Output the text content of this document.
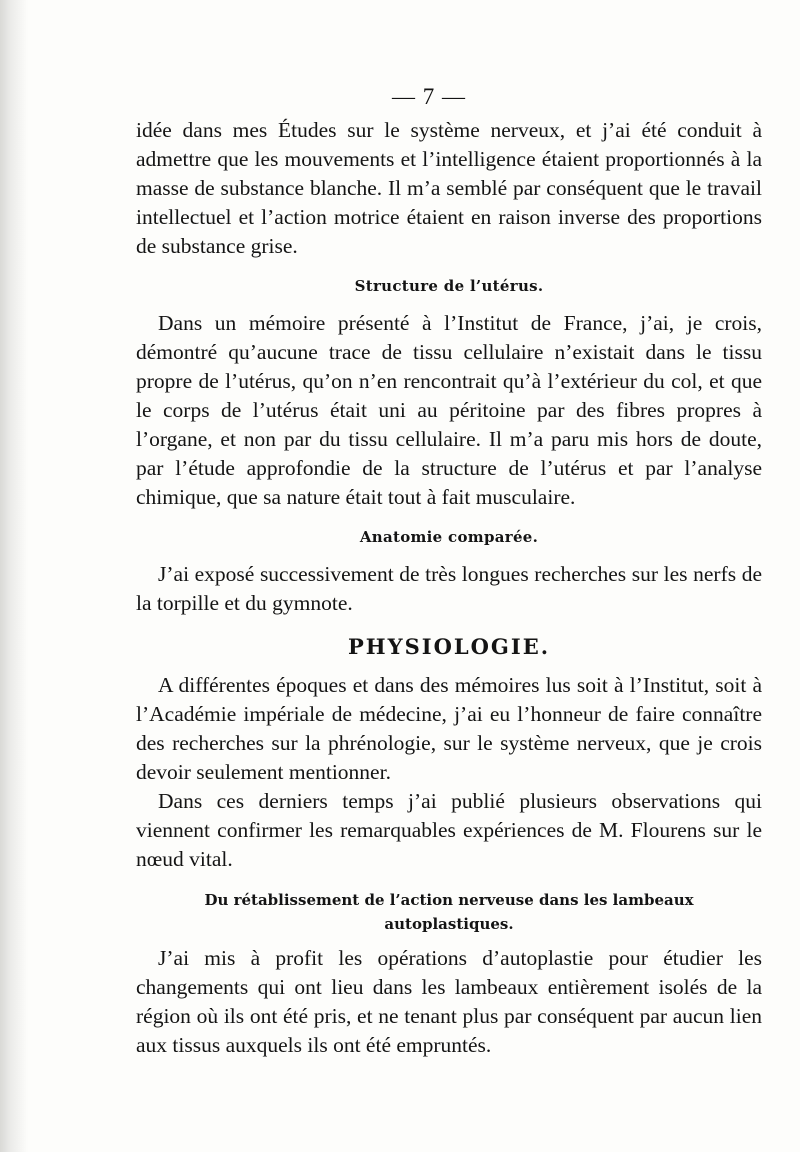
— 7 —

idée dans mes Études sur le système nerveux, et j’ai été conduit à admettre que les mouvements et l’intelligence étaient proportionnés à la masse de substance blanche. Il m’a semblé par conséquent que le travail intellectuel et l’action motrice étaient en raison inverse des proportions de substance grise.

Structure de l’utérus.

Dans un mémoire présenté à l’Institut de France, j’ai, je crois, démontré qu’aucune trace de tissu cellulaire n’existait dans le tissu propre de l’utérus, qu’on n’en rencontrait qu’à l’extérieur du col, et que le corps de l’utérus était uni au péritoine par des fibres propres à l’organe, et non par du tissu cellulaire. Il m’a paru mis hors de doute, par l’étude approfondie de la structure de l’utérus et par l’analyse chimique, que sa nature était tout à fait musculaire.

Anatomie comparée.

J’ai exposé successivement de très longues recherches sur les nerfs de la torpille et du gymnote.

PHYSIOLOGIE.

A différentes époques et dans des mémoires lus soit à l’Institut, soit à l’Académie impériale de médecine, j’ai eu l’honneur de faire connaître des recherches sur la phrénologie, sur le système nerveux, que je crois devoir seulement mentionner.

Dans ces derniers temps j’ai publié plusieurs observations qui viennent confirmer les remarquables expériences de M. Flourens sur le nœud vital.

Du rétablissement de l’action nerveuse dans les lambeaux
autoplastiques.

J’ai mis à profit les opérations d’autoplastie pour étudier les changements qui ont lieu dans les lambeaux entièrement isolés de la région où ils ont été pris, et ne tenant plus par conséquent par aucun lien aux tissus auxquels ils ont été empruntés.
